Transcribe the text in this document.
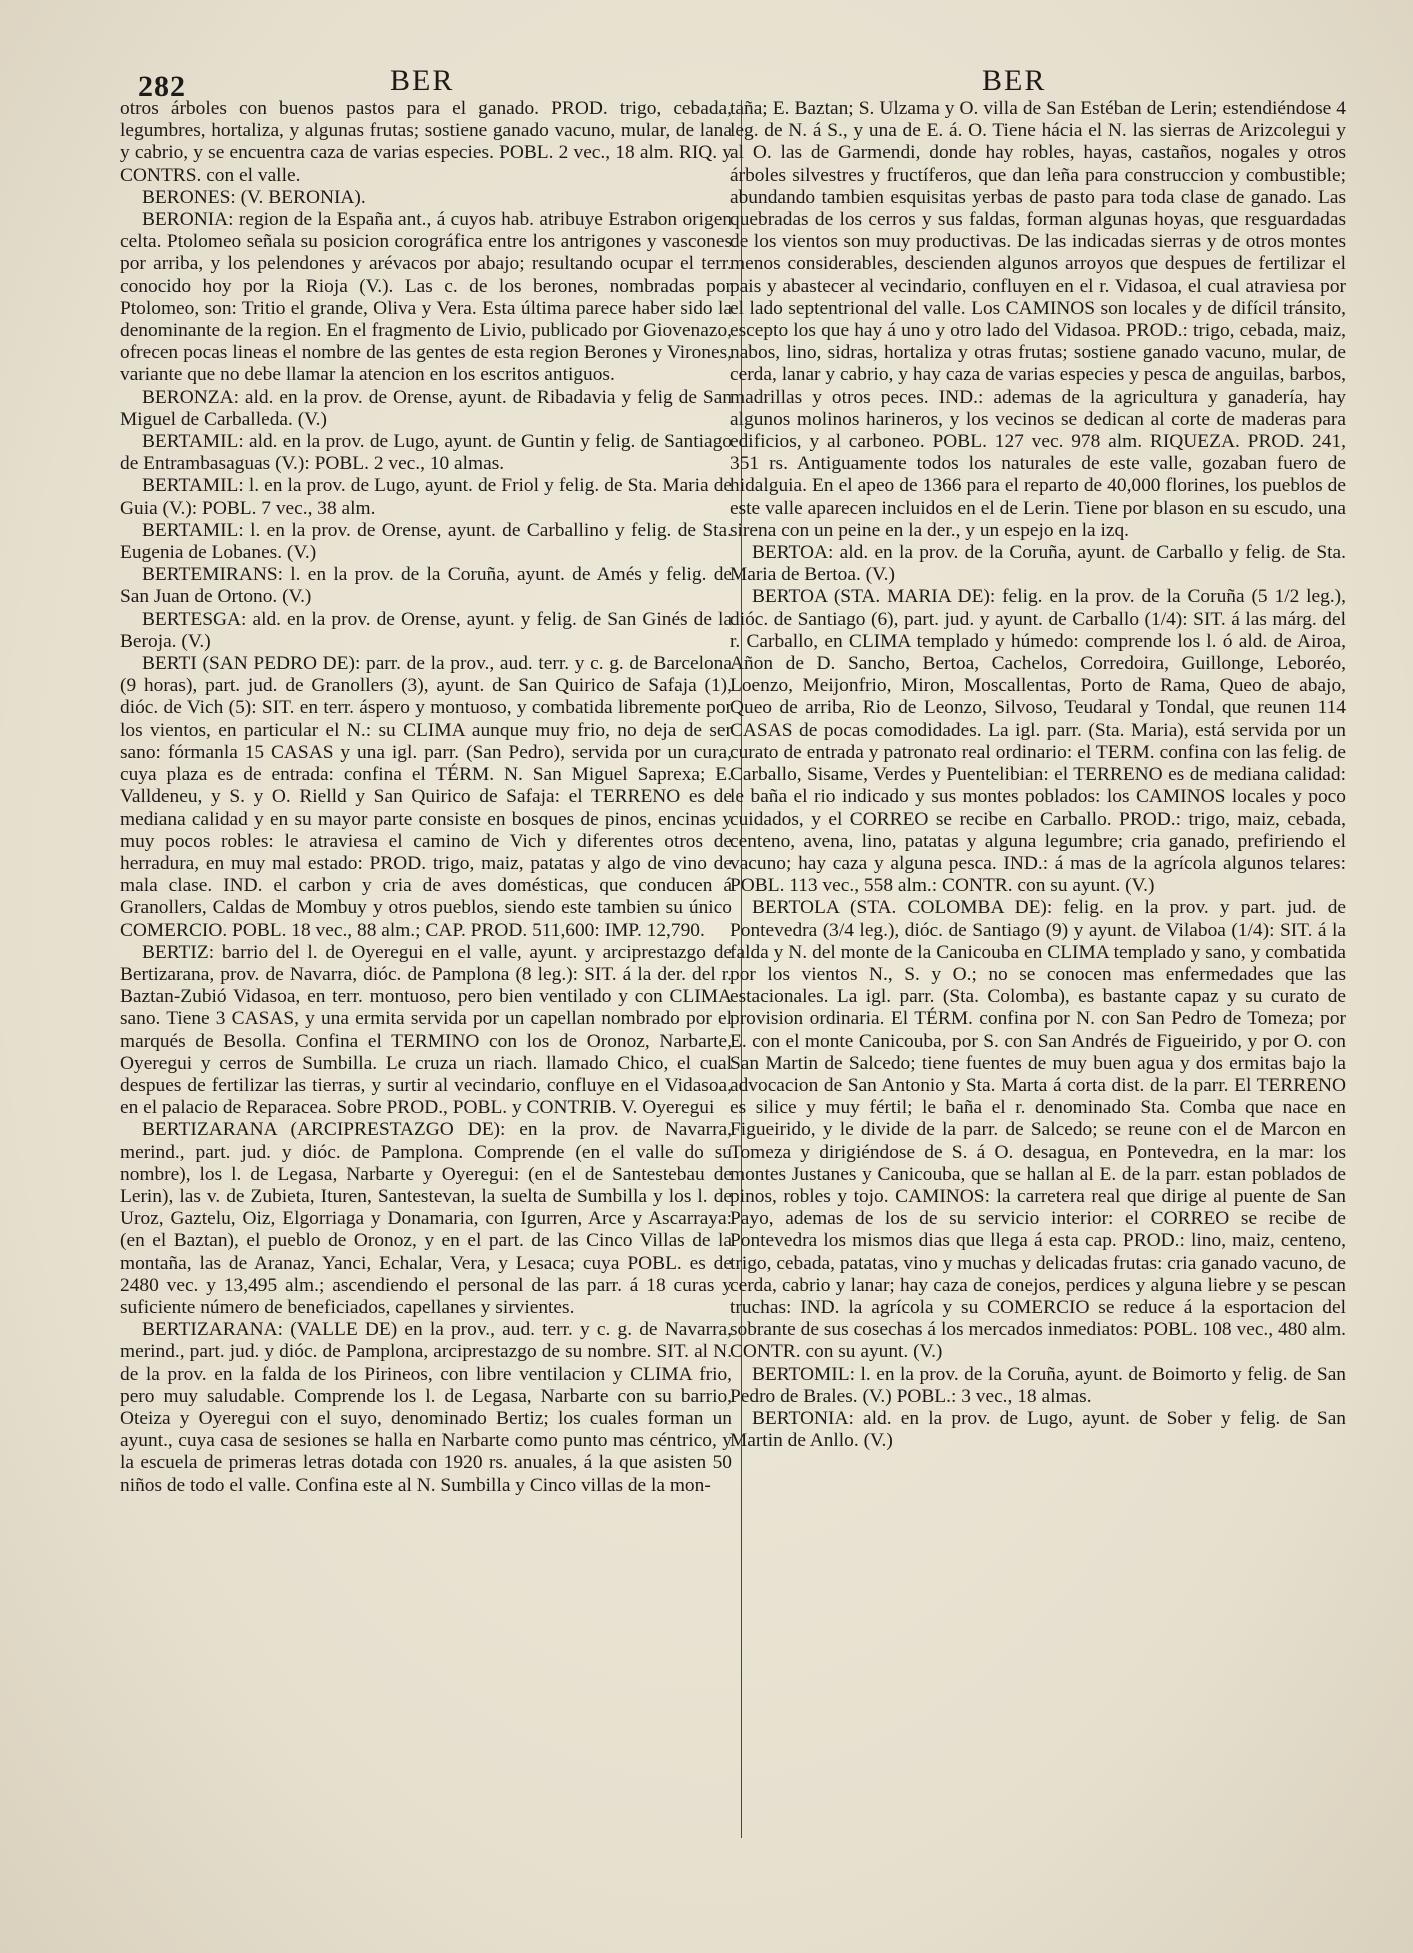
282	BER	BER

otros árboles con buenos pastos para el ganado. PROD. trigo, cebada, legumbres, hortaliza, y algunas frutas; sostiene ganado vacuno, mular, de lana y cabrio, y se encuentra caza de varias especies. POBL. 2 vec., 18 alm. RIQ. y CONTRS. con el valle.

BERONES: (V. BERONIA).

BERONIA: region de la España ant., á cuyos hab. atribuye Estrabon origen celta. Ptolomeo señala su posicion corográfica entre los antrigones y vascones por arriba, y los pelendones y arévacos por abajo; resultando ocupar el terr. conocido hoy por la Rioja (V.). Las c. de los berones, nombradas por Ptolomeo, son: Tritio el grande, Oliva y Vera. Esta última parece haber sido la denominante de la region. En el fragmento de Livio, publicado por Giovenazo, ofrecen pocas lineas el nombre de las gentes de esta region Berones y Virones, variante que no debe llamar la atencion en los escritos antiguos.

BERONZA: ald. en la prov. de Orense, ayunt. de Ribadavia y felig de San Miguel de Carballeda. (V.)

BERTAMIL: ald. en la prov. de Lugo, ayunt. de Guntin y felig. de Santiago de Entrambasaguas (V.): POBL. 2 vec., 10 almas.

BERTAMIL: l. en la prov. de Lugo, ayunt. de Friol y felig. de Sta. Maria de Guia (V.): POBL. 7 vec., 38 alm.

BERTAMIL: l. en la prov. de Orense, ayunt. de Carballino y felig. de Sta. Eugenia de Lobanes. (V.)

BERTEMIRANS: l. en la prov. de la Coruña, ayunt. de Amés y felig. de San Juan de Ortono. (V.)

BERTESGA: ald. en la prov. de Orense, ayunt. y felig. de San Ginés de la Beroja. (V.)

BERTI (SAN PEDRO DE): parr. de la prov., aud. terr. y c. g. de Barcelona (9 horas), part. jud. de Granollers (3), ayunt. de San Quirico de Safaja (1), dióc. de Vich (5): SIT. en terr. áspero y montuoso, y combatida libremente por los vientos, en particular el N.: su CLIMA aunque muy frio, no deja de ser sano: fórmanla 15 CASAS y una igl. parr. (San Pedro), servida por un cura, cuya plaza es de entrada: confina el TÉRM. N. San Miguel Saprexa; E. Valldeneu, y S. y O. Rielld y San Quirico de Safaja: el TERRENO es de mediana calidad y en su mayor parte consiste en bosques de pinos, encinas y muy pocos robles: le atraviesa el camino de Vich y diferentes otros de herradura, en muy mal estado: PROD. trigo, maiz, patatas y algo de vino de mala clase. IND. el carbon y cria de aves domésticas, que conducen á Granollers, Caldas de Mombuy y otros pueblos, siendo este tambien su único COMERCIO. POBL. 18 vec., 88 alm.; CAP. PROD. 511,600: IMP. 12,790.

BERTIZ: barrio del l. de Oyeregui en el valle, ayunt. y arciprestazgo de Bertizarana, prov. de Navarra, dióc. de Pamplona (8 leg.): SIT. á la der. del r. Baztan-Zubió Vidasoa, en terr. montuoso, pero bien ventilado y con CLIMA sano. Tiene 3 CASAS, y una ermita servida por un capellan nombrado por el marqués de Besolla. Confina el TERMINO con los de Oronoz, Narbarte, Oyeregui y cerros de Sumbilla. Le cruza un riach. llamado Chico, el cual despues de fertilizar las tierras, y surtir al vecindario, confluye en el Vidasoa, en el palacio de Reparacea. Sobre PROD., POBL. y CONTRIB. V. Oyeregui

BERTIZARANA (ARCIPRESTAZGO DE): en la prov. de Navarra, merind., part. jud. y dióc. de Pamplona. Comprende (en el valle do su nombre), los l. de Legasa, Narbarte y Oyeregui: (en el de Santestebau de Lerin), las v. de Zubieta, Ituren, Santestevan, la suelta de Sumbilla y los l. de Uroz, Gaztelu, Oiz, Elgorriaga y Donamaria, con Igurren, Arce y Ascarraya: (en el Baztan), el pueblo de Oronoz, y en el part. de las Cinco Villas de la montaña, las de Aranaz, Yanci, Echalar, Vera, y Lesaca; cuya POBL. es de 2480 vec. y 13,495 alm.; ascendiendo el personal de las parr. á 18 curas y suficiente número de beneficiados, capellanes y sirvientes.

BERTIZARANA: (VALLE DE) en la prov., aud. terr. y c. g. de Navarra, merind., part. jud. y dióc. de Pamplona, arciprestazgo de su nombre. SIT. al N. de la prov. en la falda de los Pirineos, con libre ventilacion y CLIMA frio, pero muy saludable. Comprende los l. de Legasa, Narbarte con su barrio, Oteiza y Oyeregui con el suyo, denominado Bertiz; los cuales forman un ayunt., cuya casa de sesiones se halla en Narbarte como punto mas céntrico, y la escuela de primeras letras dotada con 1920 rs. anuales, á la que asisten 50 niños de todo el valle. Confina este al N. Sumbilla y Cinco villas de la mon-

taña; E. Baztan; S. Ulzama y O. villa de San Estéban de Lerin; estendiéndose 4 leg. de N. á S., y una de E. á. O. Tiene hácia el N. las sierras de Arizcolegui y al O. las de Garmendi, donde hay robles, hayas, castaños, nogales y otros árboles silvestres y fructíferos, que dan leña para construccion y combustible; abundando tambien esquisitas yerbas de pasto para toda clase de ganado. Las quebradas de los cerros y sus faldas, forman algunas hoyas, que resguardadas de los vientos son muy productivas. De las indicadas sierras y de otros montes menos considerables, descienden algunos arroyos que despues de fertilizar el pais y abastecer al vecindario, confluyen en el r. Vidasoa, el cual atraviesa por el lado septentrional del valle. Los CAMINOS son locales y de difícil tránsito, escepto los que hay á uno y otro lado del Vidasoa. PROD.: trigo, cebada, maiz, nabos, lino, sidras, hortaliza y otras frutas; sostiene ganado vacuno, mular, de cerda, lanar y cabrio, y hay caza de varias especies y pesca de anguilas, barbos, madrillas y otros peces. IND.: ademas de la agricultura y ganadería, hay algunos molinos harineros, y los vecinos se dedican al corte de maderas para edificios, y al carboneo. POBL. 127 vec. 978 alm. RIQUEZA. PROD. 241, 351 rs. Antiguamente todos los naturales de este valle, gozaban fuero de hidalguia. En el apeo de 1366 para el reparto de 40,000 florines, los pueblos de este valle aparecen incluidos en el de Lerin. Tiene por blason en su escudo, una sirena con un peine en la der., y un espejo en la izq.

BERTOA: ald. en la prov. de la Coruña, ayunt. de Carballo y felig. de Sta. Maria de Bertoa. (V.)

BERTOA (STA. MARIA DE): felig. en la prov. de la Coruña (5 1/2 leg.), dióc. de Santiago (6), part. jud. y ayunt. de Carballo (1/4): SIT. á las márg. del r. Carballo, en CLIMA templado y húmedo: comprende los l. ó ald. de Airoa, Añon de D. Sancho, Bertoa, Cachelos, Corredoira, Guillonge, Leboréo, Loenzo, Meijonfrio, Miron, Moscallentas, Porto de Rama, Queo de abajo, Queo de arriba, Rio de Leonzo, Silvoso, Teudaral y Tondal, que reunen 114 CASAS de pocas comodidades. La igl. parr. (Sta. Maria), está servida por un curato de entrada y patronato real ordinario: el TERM. confina con las felig. de Carballo, Sisame, Verdes y Puentelibian: el TERRENO es de mediana calidad: le baña el rio indicado y sus montes poblados: los CAMINOS locales y poco cuidados, y el CORREO se recibe en Carballo. PROD.: trigo, maiz, cebada, centeno, avena, lino, patatas y alguna legumbre; cria ganado, prefiriendo el vacuno; hay caza y alguna pesca. IND.: á mas de la agrícola algunos telares: POBL. 113 vec., 558 alm.: CONTR. con su ayunt. (V.)

BERTOLA (STA. COLOMBA DE): felig. en la prov. y part. jud. de Pontevedra (3/4 leg.), dióc. de Santiago (9) y ayunt. de Vilaboa (1/4): SIT. á la falda y N. del monte de la Canicouba en CLIMA templado y sano, y combatida por los vientos N., S. y O.; no se conocen mas enfermedades que las estacionales. La igl. parr. (Sta. Colomba), es bastante capaz y su curato de provision ordinaria. El TÉRM. confina por N. con San Pedro de Tomeza; por E. con el monte Canicouba, por S. con San Andrés de Figueirido, y por O. con San Martin de Salcedo; tiene fuentes de muy buen agua y dos ermitas bajo la advocacion de San Antonio y Sta. Marta á corta dist. de la parr. El TERRENO es silice y muy fértil; le baña el r. denominado Sta. Comba que nace en Figueirido, y le divide de la parr. de Salcedo; se reune con el de Marcon en Tomeza y dirigiéndose de S. á O. desagua, en Pontevedra, en la mar: los montes Justanes y Canicouba, que se hallan al E. de la parr. estan poblados de pinos, robles y tojo. CAMINOS: la carretera real que dirige al puente de San Payo, ademas de los de su servicio interior: el CORREO se recibe de Pontevedra los mismos dias que llega á esta cap. PROD.: lino, maiz, centeno, trigo, cebada, patatas, vino y muchas y delicadas frutas: cria ganado vacuno, de cerda, cabrio y lanar; hay caza de conejos, perdices y alguna liebre y se pescan truchas: IND. la agrícola y su COMERCIO se reduce á la esportacion del sobrante de sus cosechas á los mercados inmediatos: POBL. 108 vec., 480 alm. CONTR. con su ayunt. (V.)

BERTOMIL: l. en la prov. de la Coruña, ayunt. de Boimorto y felig. de San Pedro de Brales. (V.) POBL.: 3 vec., 18 almas.

BERTONIA: ald. en la prov. de Lugo, ayunt. de Sober y felig. de San Martin de Anllo. (V.)
